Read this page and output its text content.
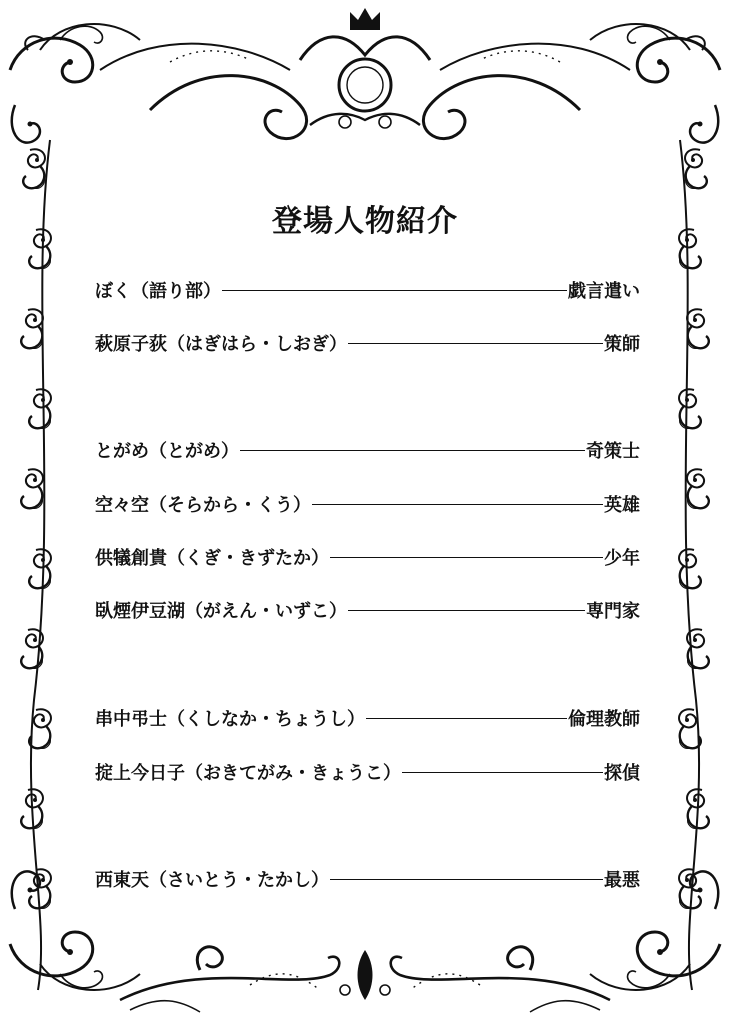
登場人物紹介
ぼく（語り部）	戯言遣い
萩原子荻（はぎはら・しおぎ）	策師
とがめ（とがめ）	奇策士
空々空（そらから・くう）	英雄
供犠創貴（くぎ・きずたか）	少年
臥煙伊豆湖（がえん・いずこ）	専門家
串中弔士（くしなか・ちょうし）	倫理教師
掟上今日子（おきてがみ・きょうこ）	探偵
西東天（さいとう・たかし）	最悪
